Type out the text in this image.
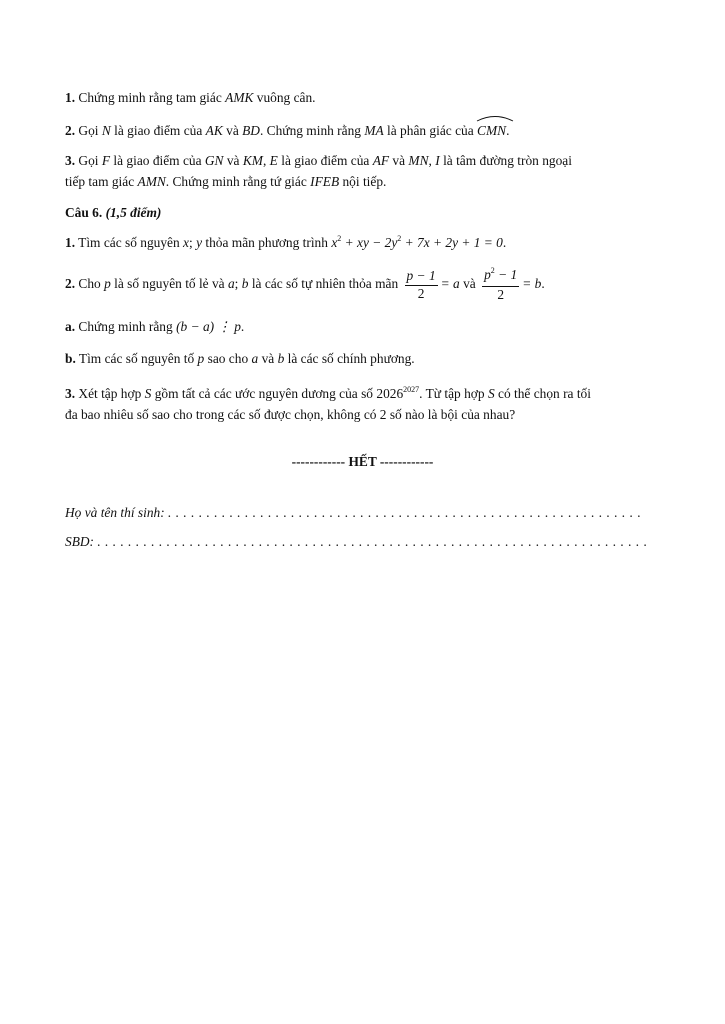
1. Chứng minh rằng tam giác AMK vuông cân.
2. Gọi N là giao điểm của AK và BD. Chứng minh rằng MA là phân giác của CMN.
3. Gọi F là giao điểm của GN và KM, E là giao điểm của AF và MN, I là tâm đường tròn ngoại
tiếp tam giác AMN. Chứng minh rằng tứ giác IFEB nội tiếp.
Câu 6. (1,5 điểm)
1. Tìm các số nguyên x; y thỏa mãn phương trình $x^2$ + xy − $2y^2 + 7x + 2y + 1 = 0$.
2. Cho p là số nguyên tố lẻ và a; b là các số tự nhiên thỏa mãn $\frac{p - 1}{2} = a$ và $\frac{p^2 - 1}{2} = b$.
a. Chứng minh rằng (b − a) ⋮ p.
b. Tìm các số nguyên tố p sao cho a và b là các số chính phương.
3. Xét tập hợp S gồm tất cả các ước nguyên dương của số $2026^{2027}$. Từ tập hợp S có thể chọn ra tối
đa bao nhiêu số sao cho trong các số được chọn, không có 2 số nào là bội của nhau?
------------ HẾT ------------
Họ và tên thí sinh: . . . . . . . . . . . . . . . . . . . . . . . . . . . . . . . . . . . . . . . . . . . . . . . . . . . . . . . . . . . . . .
SBD: . . . . . . . . . . . . . . . . . . . . . . . . . . . . . . . . . . . . . . . . . . . . . . . . . . . . . . . . . . . . . . . . . . . . . . . .
